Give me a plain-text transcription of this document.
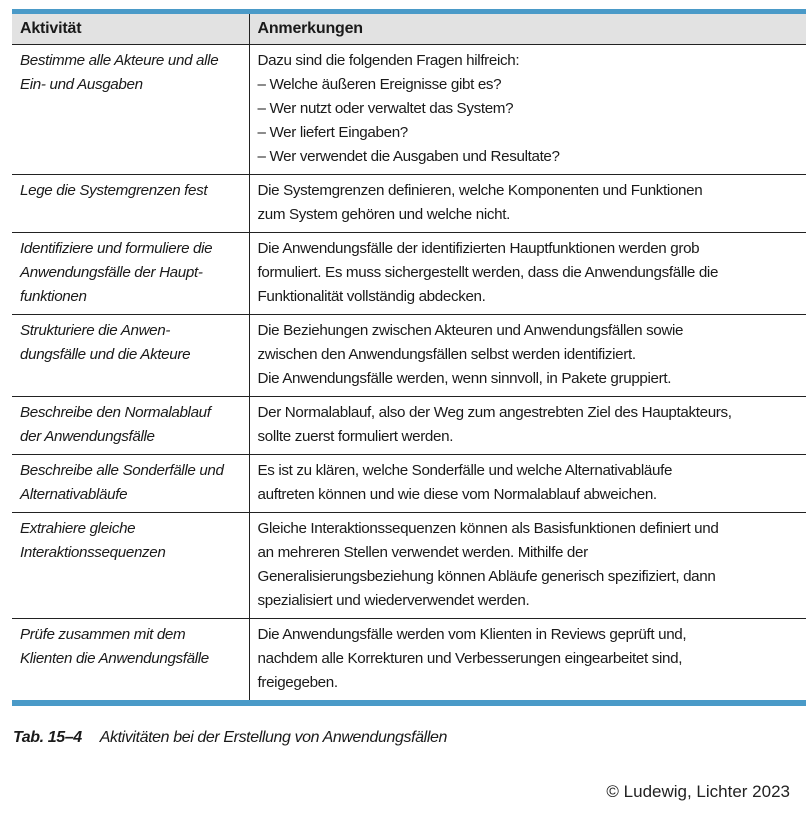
Aktivität	Anmerkungen

Bestimme alle Akteure und alle
Ein- und Ausgaben	Dazu sind die folgenden Fragen hilfreich:
– Welche äußeren Ereignisse gibt es?
– Wer nutzt oder verwaltet das System?
– Wer liefert Eingaben?
– Wer verwendet die Ausgaben und Resultate?

Lege die Systemgrenzen fest	Die Systemgrenzen definieren, welche Komponenten und Funktionen
zum System gehören und welche nicht.

Identifiziere und formuliere die
Anwendungsfälle der Haupt-
funktionen	Die Anwendungsfälle der identifizierten Hauptfunktionen werden grob
formuliert. Es muss sichergestellt werden, dass die Anwendungsfälle die
Funktionalität vollständig abdecken.

Strukturiere die Anwen-
dungsfälle und die Akteure	Die Beziehungen zwischen Akteuren und Anwendungsfällen sowie
zwischen den Anwendungsfällen selbst werden identifiziert.
Die Anwendungsfälle werden, wenn sinnvoll, in Pakete gruppiert.

Beschreibe den Normalablauf
der Anwendungsfälle	Der Normalablauf, also der Weg zum angestrebten Ziel des Hauptakteurs,
sollte zuerst formuliert werden.

Beschreibe alle Sonderfälle und
Alternativabläufe	Es ist zu klären, welche Sonderfälle und welche Alternativabläufe
auftreten können und wie diese vom Normalablauf abweichen.

Extrahiere gleiche
Interaktionssequenzen	Gleiche Interaktionssequenzen können als Basisfunktionen definiert und
an mehreren Stellen verwendet werden. Mithilfe der
Generalisierungsbeziehung können Abläufe generisch spezifiziert, dann
spezialisiert und wiederverwendet werden.

Prüfe zusammen mit dem
Klienten die Anwendungsfälle	Die Anwendungsfälle werden vom Klienten in Reviews geprüft und,
nachdem alle Korrekturen und Verbesserungen eingearbeitet sind,
freigegeben.
Tab. 15–4 Aktivitäten bei der Erstellung von Anwendungsfällen
© Ludewig, Lichter 2023
